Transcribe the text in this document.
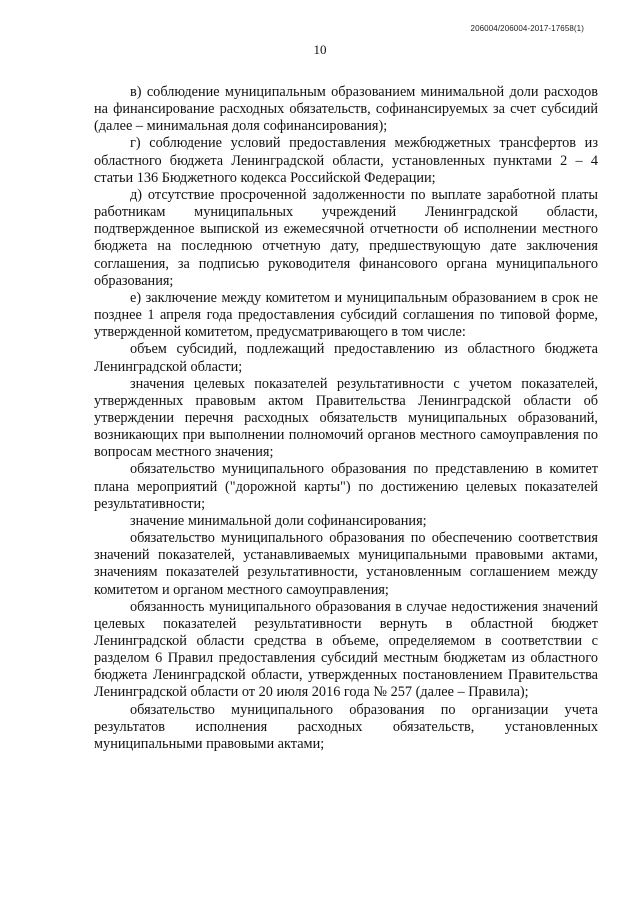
206004/206004-2017-17658(1)
10

в) соблюдение муниципальным образованием минимальной доли расходов на финансирование расходных обязательств, софинансируемых за счет субсидий (далее – минимальная доля софинансирования);

г) соблюдение условий предоставления межбюджетных трансфертов из областного бюджета Ленинградской области, установленных пунктами 2 – 4 статьи 136 Бюджетного кодекса Российской Федерации;

д) отсутствие просроченной задолженности по выплате заработной платы работникам муниципальных учреждений Ленинградской области, подтвержденное выпиской из ежемесячной отчетности об исполнении местного бюджета на последнюю отчетную дату, предшествующую дате заключения соглашения, за подписью руководителя финансового органа муниципального образования;

е) заключение между комитетом и муниципальным образованием в срок не позднее 1 апреля года предоставления субсидий соглашения по типовой форме, утвержденной комитетом, предусматривающего в том числе:

объем субсидий, подлежащий предоставлению из областного бюджета Ленинградской области;

значения целевых показателей результативности с учетом показателей, утвержденных правовым актом Правительства Ленинградской области об утверждении перечня расходных обязательств муниципальных образований, возникающих при выполнении полномочий органов местного самоуправления по вопросам местного значения;

обязательство муниципального образования по представлению в комитет плана мероприятий ("дорожной карты") по достижению целевых показателей результативности;

значение минимальной доли софинансирования;

обязательство муниципального образования по обеспечению соответствия значений показателей, устанавливаемых муниципальными правовыми актами, значениям показателей результативности, установленным соглашением между комитетом и органом местного самоуправления;

обязанность муниципального образования в случае недостижения значений целевых показателей результативности вернуть в областной бюджет Ленинградской области средства в объеме, определяемом в соответствии с разделом 6 Правил предоставления субсидий местным бюджетам из областного бюджета Ленинградской области, утвержденных постановлением Правительства Ленинградской области от 20 июля 2016 года № 257 (далее – Правила);

обязательство муниципального образования по организации учета результатов исполнения расходных обязательств, установленных муниципальными правовыми актами;
